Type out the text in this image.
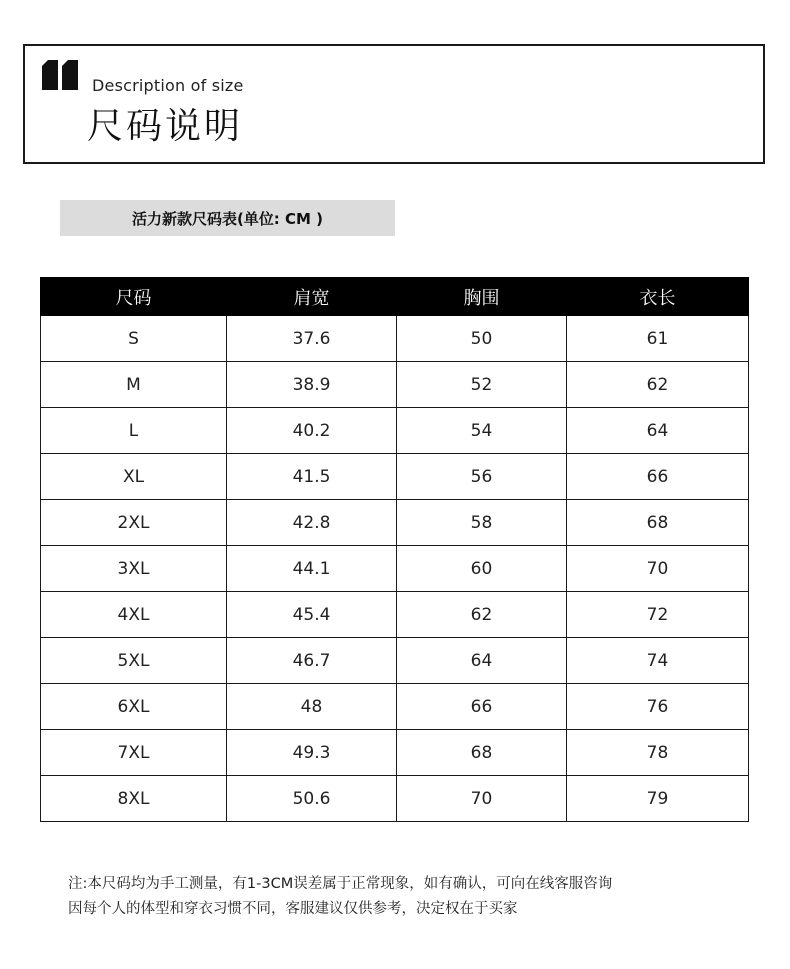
Description of size
尺码说明
活力新款尺码表(单位: CM )
尺码	肩宽	胸围	衣长
S	37.6	50	61
M	38.9	52	62
L	40.2	54	64
XL	41.5	56	66
2XL	42.8	58	68
3XL	44.1	60	70
4XL	45.4	62	72
5XL	46.7	64	74
6XL	48	66	76
7XL	49.3	68	78
8XL	50.6	70	79
注:本尺码均为手工测量，有1-3CM误差属于正常现象，如有确认，可向在线客服咨询
因每个人的体型和穿衣习惯不同，客服建议仅供参考，决定权在于买家
